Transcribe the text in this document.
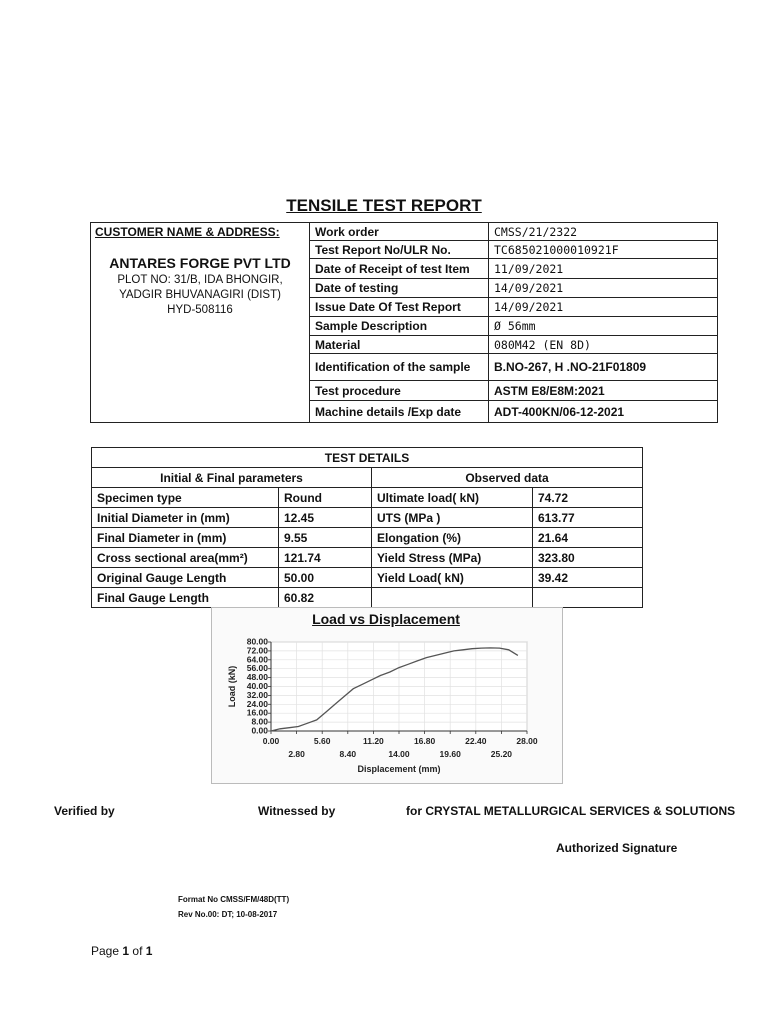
TENSILE TEST REPORT
CUSTOMER NAME & ADDRESS:
ANTARES FORGE PVT LTD
PLOT NO: 31/B, IDA BHONGIR,
YADGIR BHUVANAGIRI (DIST)
HYD-508116	Work order	CMSS/21/2322
	Test Report No/ULR No.	TC685021000010921F
	Date of Receipt of test Item	11/09/2021
	Date of testing	14/09/2021
	Issue Date Of Test Report	14/09/2021
	Sample Description	Ø 56mm
	Material	080M42 (EN 8D)
	Identification of the sample	B.NO-267, H .NO-21F01809
	Test procedure	ASTM E8/E8M:2021
	Machine details /Exp date	ADT-400KN/06-12-2021
TEST DETAILS			
Initial & Final parameters		Observed data	
Specimen type	Round	Ultimate load( kN)	74.72
Initial Diameter in (mm)	12.45	UTS (MPa )	613.77
Final Diameter in (mm)	9.55	Elongation (%)	21.64
Cross sectional area(mm²)	121.74	Yield Stress (MPa)	323.80
Original Gauge Length	50.00	Yield Load( kN)	39.42
Final Gauge Length	60.82		
Load vs Displacement
0.00
8.00
16.00
24.00
32.00
40.00
48.00
56.00
64.00
72.00
80.00
0.00
2.80
5.60
8.40
11.20
14.00
16.80
19.60
22.40
25.20
28.00
Displacement (mm)
Load (kN)
Verified by	Witnessed by	for CRYSTAL METALLURGICAL SERVICES & SOLUTIONS
Authorized Signature
Format No CMSS/FM/48D(TT)
Rev No.00: DT; 10-08-2017
Page 1 of 1
